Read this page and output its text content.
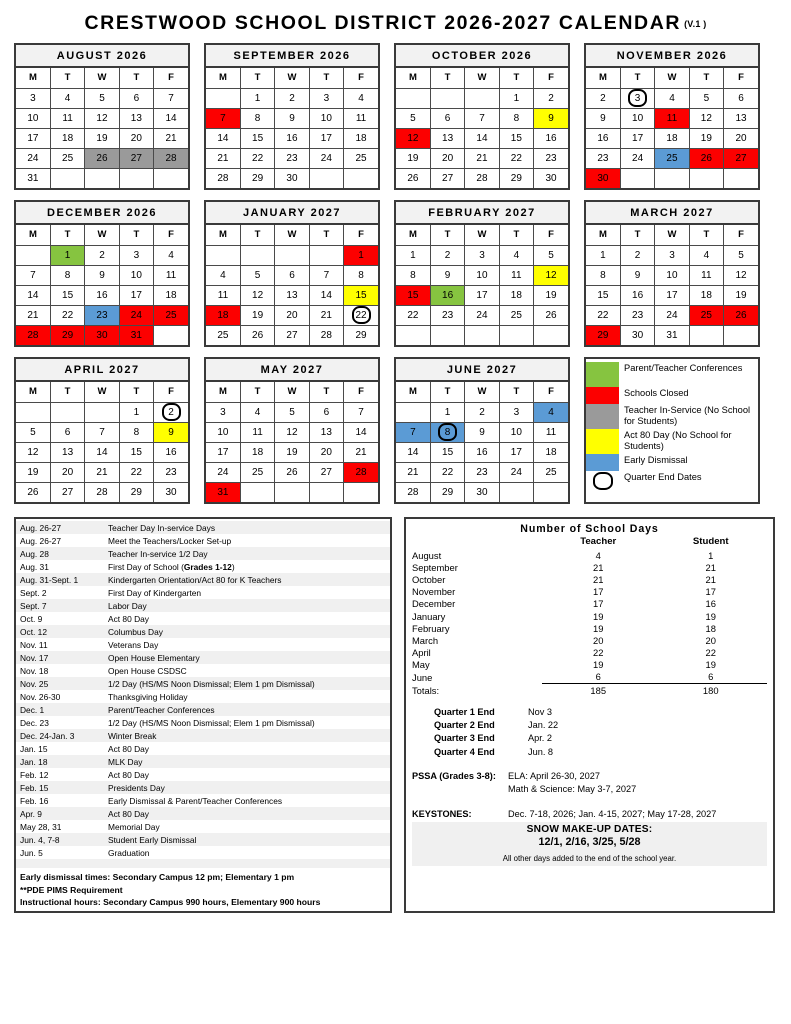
CRESTWOOD SCHOOL DISTRICT 2026-2027 CALENDAR (V.1 )
AUGUST 2026
M	T	W	T	F
3	4	5	6	7
10	11	12	13	14
17	18	19	20	21
24	25	26	27	28
31				
SEPTEMBER 2026
M	T	W	T	F
	1	2	3	4
7	8	9	10	11
14	15	16	17	18
21	22	23	24	25
28	29	30		
OCTOBER 2026
M	T	W	T	F
			1	2
5	6	7	8	9
12	13	14	15	16
19	20	21	22	23
26	27	28	29	30
NOVEMBER 2026
M	T	W	T	F
2	3	4	5	6
9	10	11	12	13
16	17	18	19	20
23	24	25	26	27
30				
DECEMBER 2026
M	T	W	T	F
	1	2	3	4
7	8	9	10	11
14	15	16	17	18
21	22	23	24	25
28	29	30	31	
JANUARY 2027
M	T	W	T	F
				1
4	5	6	7	8
11	12	13	14	15
18	19	20	21	22
25	26	27	28	29
FEBRUARY 2027
M	T	W	T	F
1	2	3	4	5
8	9	10	11	12
15	16	17	18	19
22	23	24	25	26

MARCH 2027
M	T	W	T	F
1	2	3	4	5
8	9	10	11	12
15	16	17	18	19
22	23	24	25	26
29	30	31		
APRIL 2027
M	T	W	T	F
			1	2
5	6	7	8	9
12	13	14	15	16
19	20	21	22	23
26	27	28	29	30
MAY 2027
M	T	W	T	F
3	4	5	6	7
10	11	12	13	14
17	18	19	20	21
24	25	26	27	28
31				
JUNE 2027
M	T	W	T	F
	1	2	3	4
7	8	9	10	11
14	15	16	17	18
21	22	23	24	25
28	29	30		
Parent/Teacher Conferences
Schools Closed
Teacher In-Service (No School for Students)
Act 80 Day (No School for Students)
Early Dismissal
Quarter End Dates
Aug. 26-27	Teacher Day In-service Days
Aug. 26-27	Meet the Teachers/Locker Set-up
Aug. 28	Teacher In-service 1/2 Day
Aug. 31	First Day of School (Grades 1-12)
Aug. 31-Sept. 1	Kindergarten Orientation/Act 80 for K Teachers
Sept. 2	First Day of Kindergarten
Sept. 7	Labor Day
Oct. 9	Act 80 Day
Oct. 12	Columbus Day
Nov. 11	Veterans Day
Nov. 17	Open House Elementary
Nov. 18	Open House CSDSC
Nov. 25	1/2 Day (HS/MS Noon Dismissal; Elem 1 pm Dismissal)
Nov. 26-30	Thanksgiving Holiday
Dec. 1	Parent/Teacher Conferences
Dec. 23	1/2 Day (HS/MS Noon Dismissal; Elem 1 pm Dismissal)
Dec. 24-Jan. 3	Winter Break
Jan. 15	Act 80 Day
Jan. 18	MLK Day
Feb. 12	Act 80 Day
Feb. 15	Presidents Day
Feb. 16	Early Dismissal & Parent/Teacher Conferences
Apr. 9	Act 80 Day
May 28, 31	Memorial Day
Jun. 4, 7-8	Student Early Dismissal
Jun. 5	Graduation
Early dismissal times: Secondary Campus 12 pm; Elementary 1 pm
**PDE PIMS Requirement
Instructional hours: Secondary Campus 990 hours, Elementary 900 hours
Number of School Days
	Teacher	Student
August	4	1
September	21	21
October	21	21
November	17	17
December	17	16
January	19	19
February	19	18
March	20	20
April	22	22
May	19	19
June	6	6
Totals:	185	180
Quarter 1 End	Nov 3
Quarter 2 End	Jan. 22
Quarter 3 End	Apr. 2
Quarter 4 End	Jun. 8
PSSA (Grades 3-8):	ELA: April 26-30, 2027
Math & Science: May 3-7, 2027
KEYSTONES:	Dec. 7-18, 2026; Jan. 4-15, 2027; May 17-28, 2027
SNOW MAKE-UP DATES:
12/1, 2/16, 3/25, 5/28
All other days added to the end of the school year.
